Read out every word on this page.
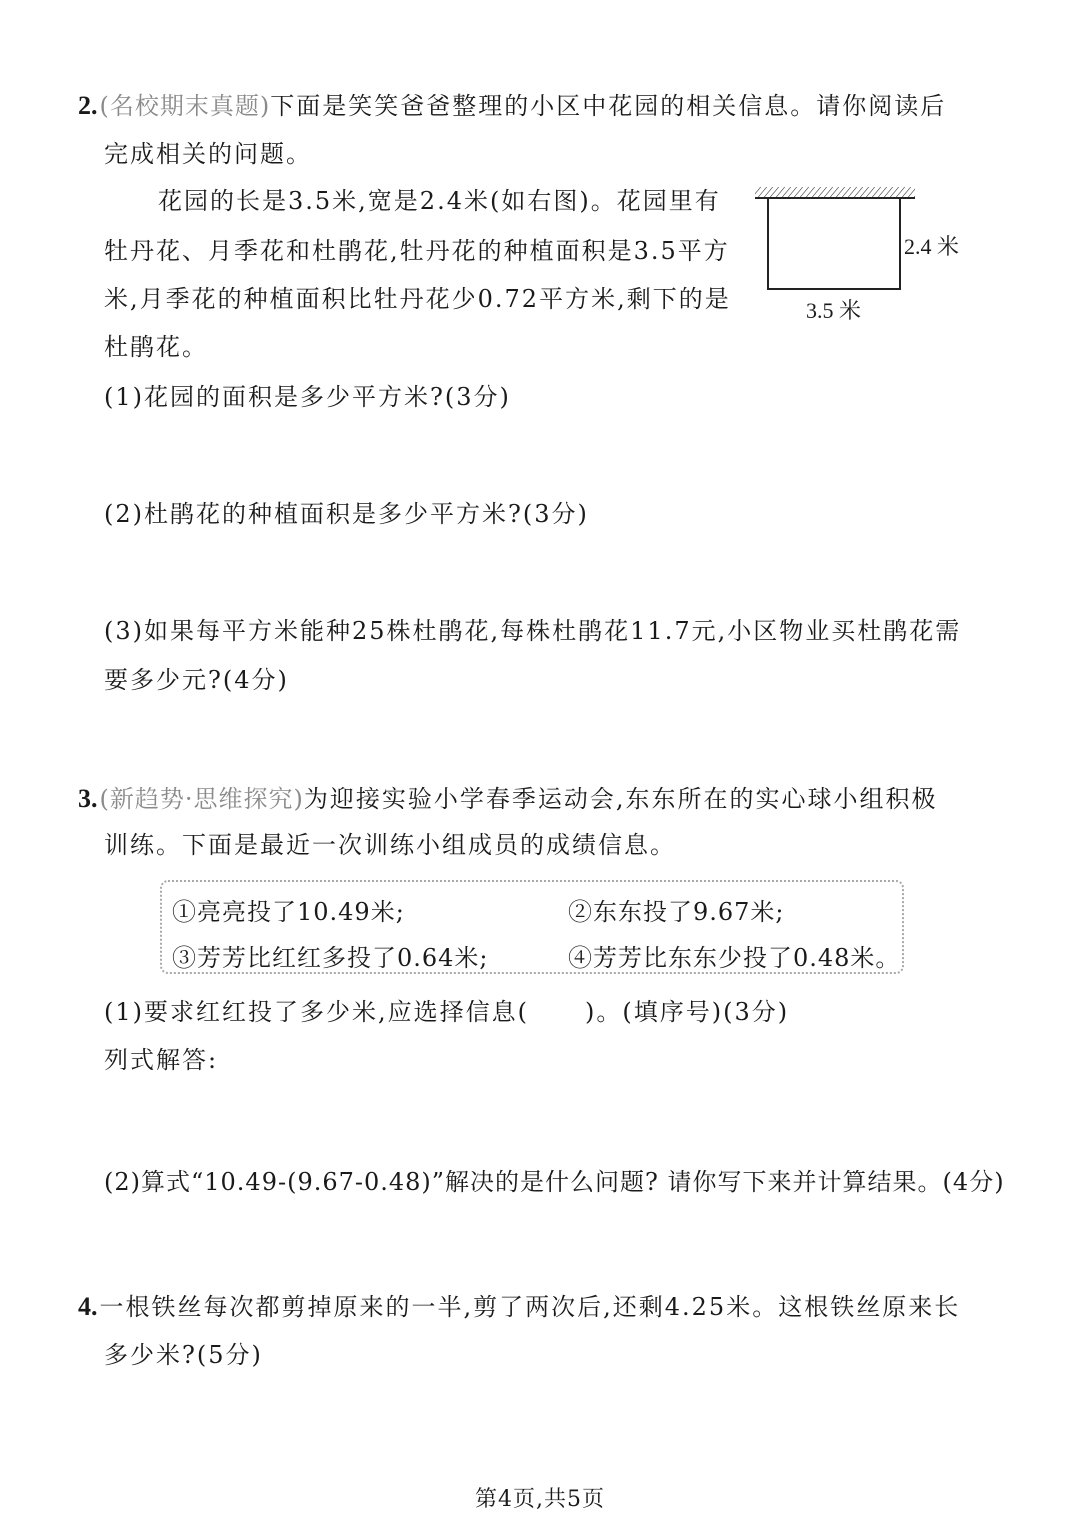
2.(名校期末真题)下面是笑笑爸爸整理的小区中花园的相关信息。请你阅读后
完成相关的问题。
花园的长是3.5米,宽是2.4米(如右图)。花园里有
牡丹花、月季花和杜鹃花,牡丹花的种植面积是3.5平方
米,月季花的种植面积比牡丹花少0.72平方米,剩下的是
杜鹃花。
2.4 米
3.5 米
(1)花园的面积是多少平方米?(3分)
(2)杜鹃花的种植面积是多少平方米?(3分)
(3)如果每平方米能种25株杜鹃花,每株杜鹃花11.7元,小区物业买杜鹃花需
要多少元?(4分)
3.(新趋势·思维探究)为迎接实验小学春季运动会,东东所在的实心球小组积极
训练。下面是最近一次训练小组成员的成绩信息。
①亮亮投了10.49米;	②东东投了9.67米;
③芳芳比红红多投了0.64米;	④芳芳比东东少投了0.48米。
(1)要求红红投了多少米,应选择信息( )。(填序号)(3分)
列式解答:
(2)算式“10.49-(9.67-0.48)”解决的是什么问题? 请你写下来并计算结果。(4分)
4.一根铁丝每次都剪掉原来的一半,剪了两次后,还剩4.25米。这根铁丝原来长
多少米?(5分)
第4页,共5页
